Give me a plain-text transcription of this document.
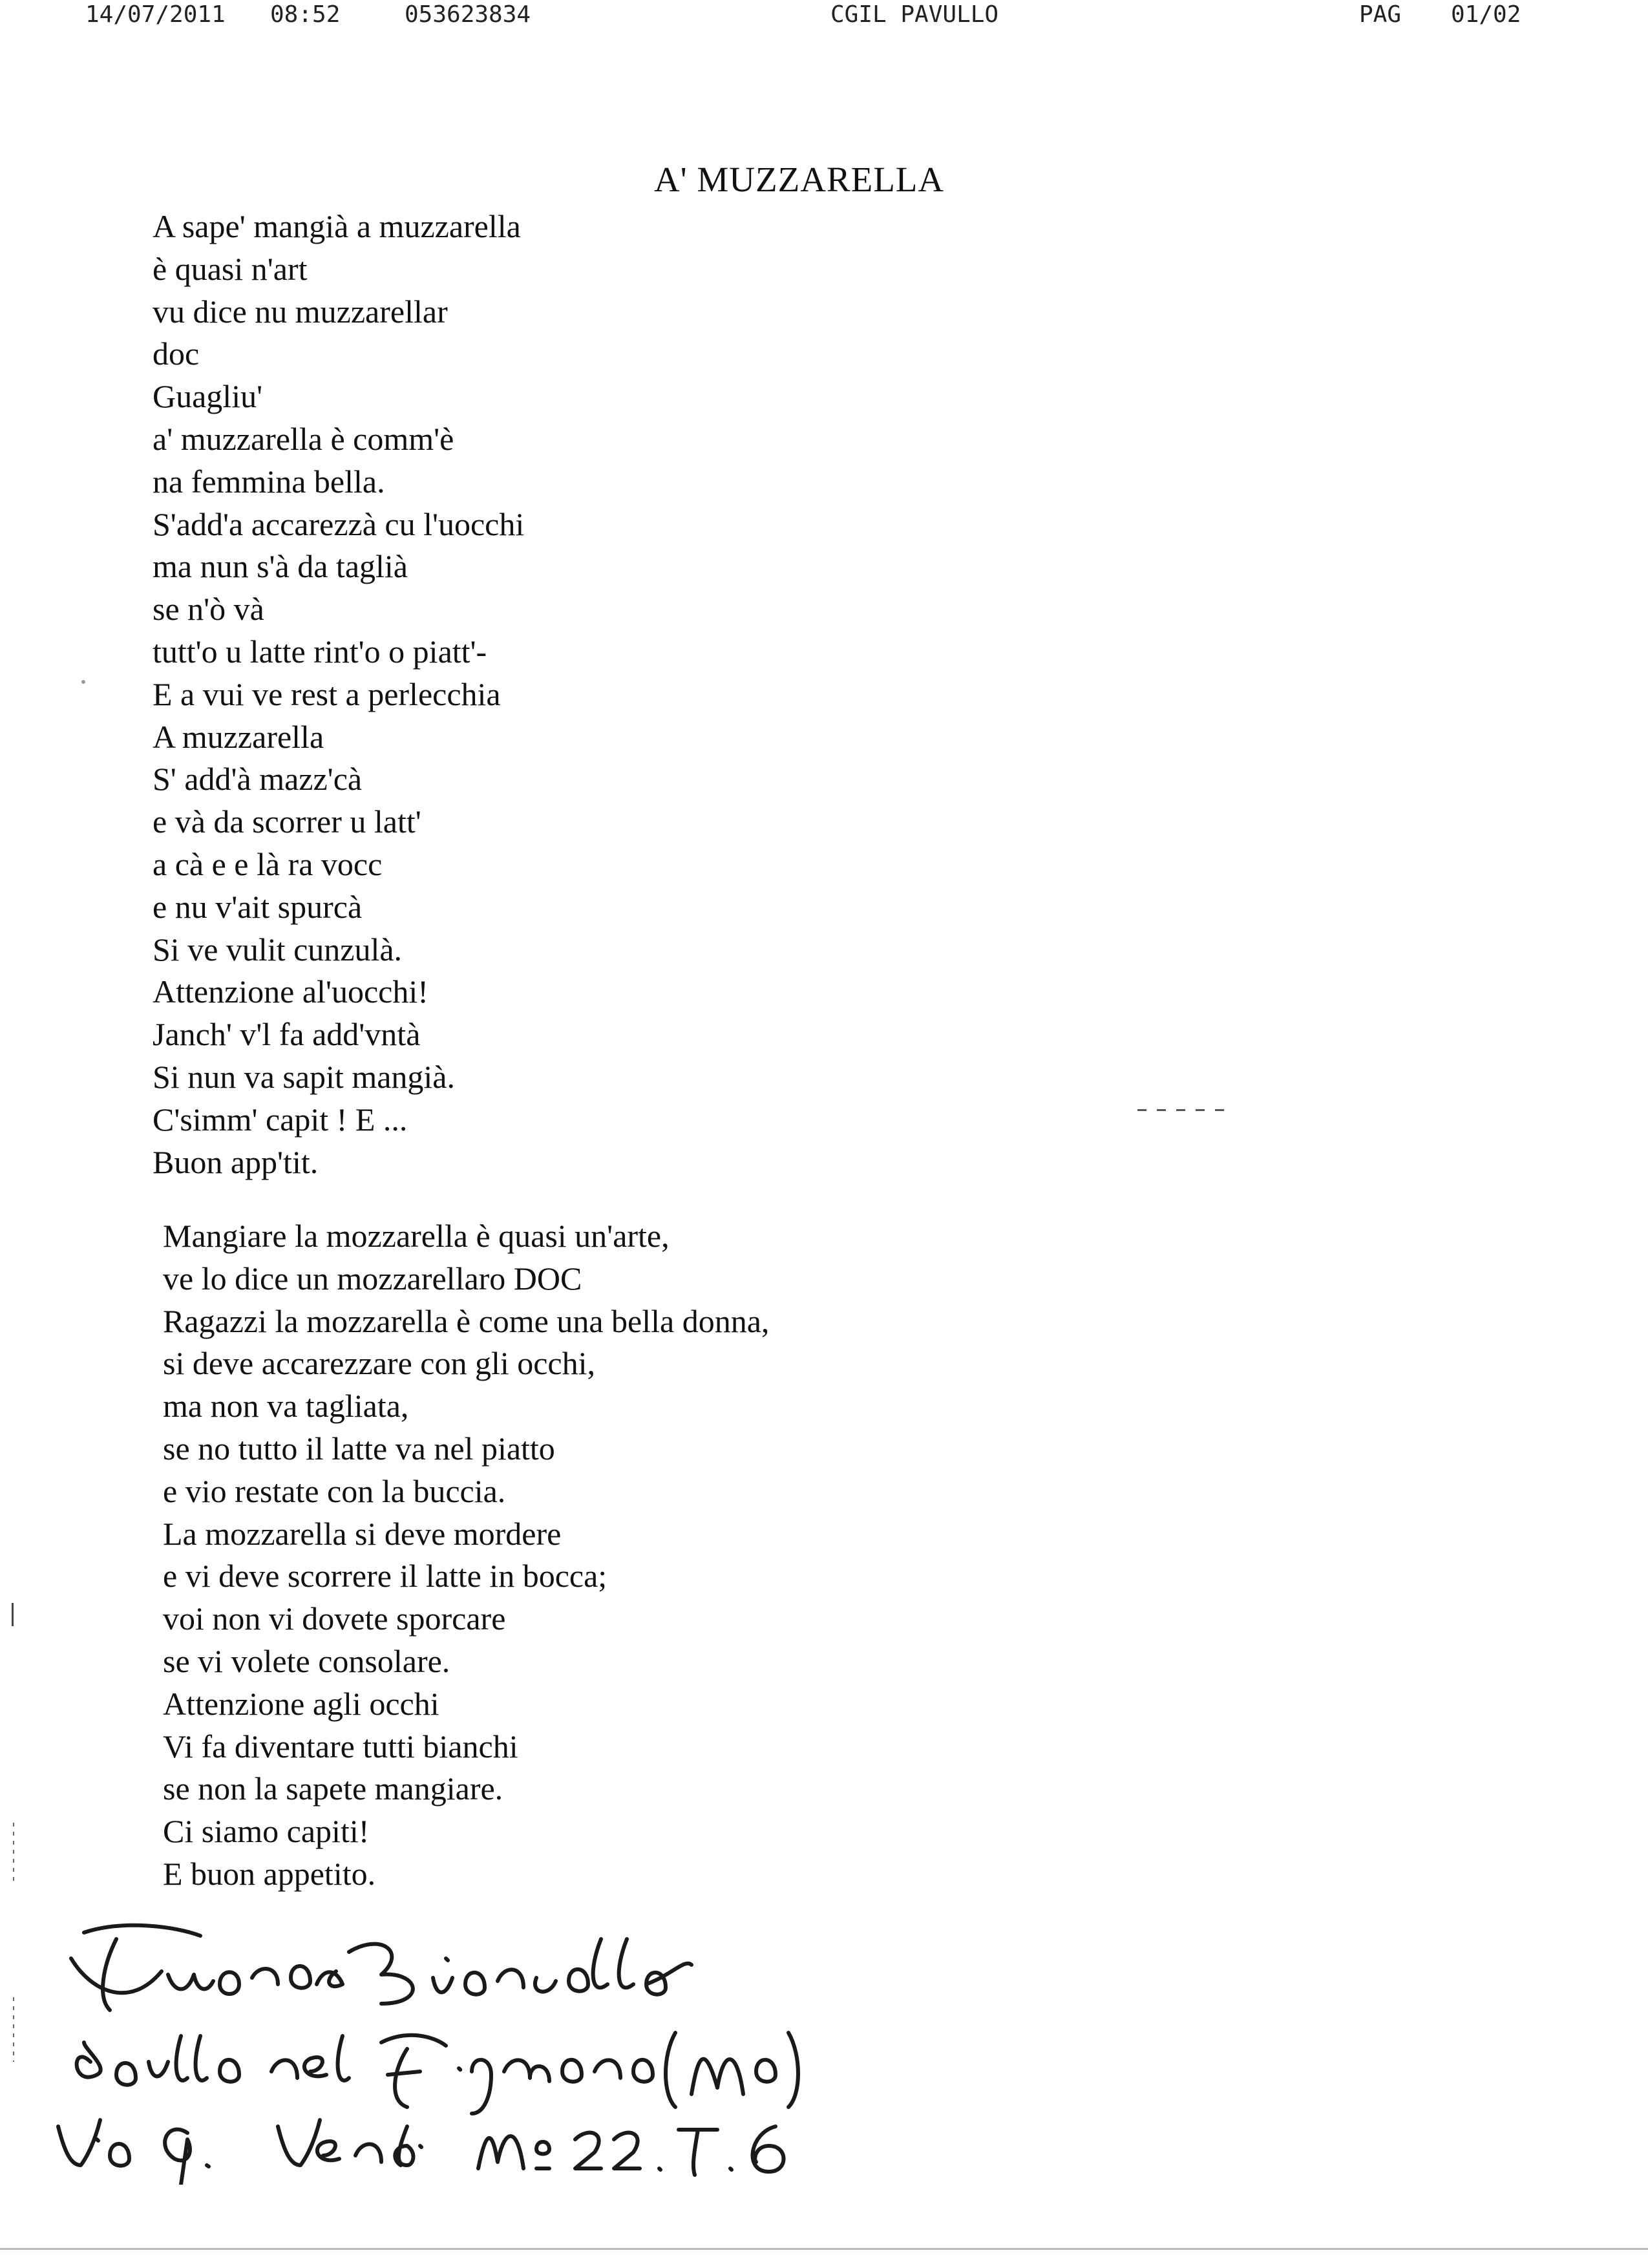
14/07/2011 08:52	053623834	CGIL PAVULLO	PAG 01/02
A' MUZZARELLA
A sape' mangià a muzzarella
è quasi n'art
vu dice nu muzzarellar
doc
Guagliu'
a' muzzarella è comm'è
na femmina bella.
S'add'a accarezzà cu l'uocchi
ma nun s'à da taglià
se n'ò và
tutt'o u latte rint'o o piatt'-
E a vui ve rest a perlecchia
A muzzarella
S' add'à mazz'cà
e và da scorrer u latt'
a cà e e là ra vocc
e nu v'ait spurcà
Si ve vulit cunzulà.
Attenzione al'uocchi!
Janch' v'l fa add'vntà
Si nun va sapit mangià.
C'simm' capit ! E ...
Buon app'tit.
Mangiare la mozzarella è quasi un'arte,
ve lo dice un mozzarellaro DOC
Ragazzi la mozzarella è come una bella donna,
si deve accarezzare con gli occhi,
ma non va tagliata,
se no tutto il latte va nel piatto
e vio restate con la buccia.
La mozzarella si deve mordere
e vi deve scorrere il latte in bocca;
voi non vi dovete sporcare
se vi volete consolare.
Attenzione agli occhi
Vi fa diventare tutti bianchi
se non la sapete mangiare.
Ci siamo capiti!
E buon appetito.
